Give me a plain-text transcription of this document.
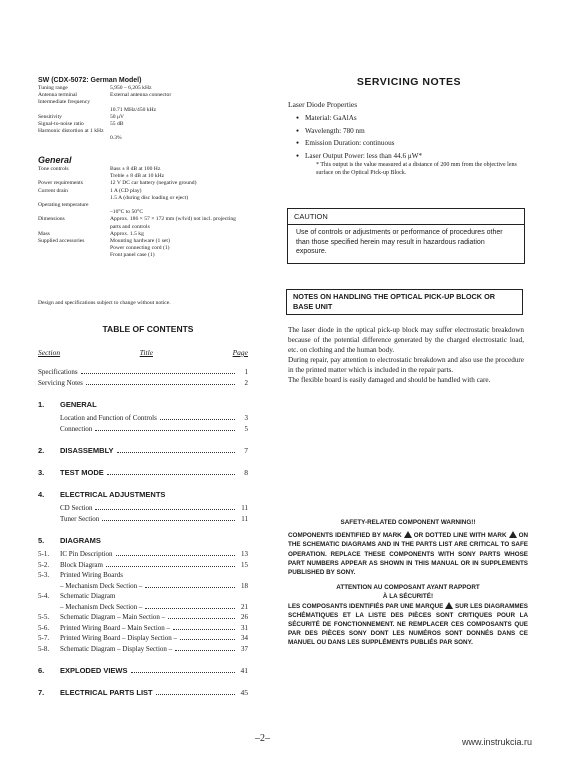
SW (CDX-5072: German Model)
Tuning range	5,950 – 6,205 kHz
Antenna terminal	External antenna connector
Intermediate frequency
10.71 MHz/450 kHz
Sensitivity	50 μV
Signal-to-noise ratio	55 dB
Harmonic distortion at 1 kHz
0.3%
General
Tone controls	Bass ± 8 dB at 100 Hz
Treble ± 8 dB at 10 kHz
Power requirements	12 V DC car battery (negative ground)
Current drain	1 A (CD play)
1.5 A (during disc loading or eject)
Operating temperature
–10°C to 50°C
Dimensions	Approx. 186 × 57 × 172 mm (w/h/d) not incl. projecting parts and controls
Mass	Approx. 1.5 kg
Supplied accessories	Mounting hardware (1 set)
Power connecting cord (1)
Front panel case (1)
Design and specifications subject to change without notice.
TABLE OF CONTENTS
Section	Title	Page
Specifications	1
Servicing Notes	2
1.	GENERAL
Location and Function of Controls	3
Connection	5
2.	DISASSEMBLY	7
3.	TEST MODE	8
4.	ELECTRICAL ADJUSTMENTS
CD Section	11
Tuner Section	11
5.	DIAGRAMS
5-1.	IC Pin Description	13
5-2.	Block Diagram	15
5-3.	Printed Wiring Boards
– Mechanism Deck Section –	18
5-4.	Schematic Diagram
– Mechanism Deck Section –	21
5-5.	Schematic Diagram – Main Section –	26
5-6.	Printed Wiring Board – Main Section –	31
5-7.	Printed Wiring Board – Display Section –	34
5-8.	Schematic Diagram – Display Section –	37
6.	EXPLODED VIEWS	41
7.	ELECTRICAL PARTS LIST	45
SERVICING NOTES
Laser Diode Properties
● Material: GaAlAs
● Wavelength: 780 nm
● Emission Duration: continuous
● Laser Output Power: less than 44.6 μW*
* This output is the value measured at a distance of 200 mm from the objective lens surface on the Optical Pick-up Block.
CAUTION
Use of controls or adjustments or performance of procedures other than those specified herein may result in hazardous radiation exposure.
NOTES ON HANDLING THE OPTICAL PICK-UP BLOCK OR BASE UNIT

The laser diode in the optical pick-up block may suffer electrostatic breakdown because of the potential difference generated by the charged electrostatic load, etc. on clothing and the human body.

During repair, pay attention to electrostatic breakdown and also use the procedure in the printed matter which is included in the repair parts.

The flexible board is easily damaged and should be handled with care.

SAFETY-RELATED COMPONENT WARNING!!

COMPONENTS IDENTIFIED BY MARK OR DOTTED LINE WITH MARK ON THE SCHEMATIC DIAGRAMS AND IN THE PARTS LIST ARE CRITICAL TO SAFE OPERATION. REPLACE THESE COMPONENTS WITH SONY PARTS WHOSE PART NUMBERS APPEAR AS SHOWN IN THIS MANUAL OR IN SUPPLEMENTS PUBLISHED BY SONY.

ATTENTION AU COMPOSANT AYANT RAPPORT

À LA SÉCURITÉ!

LES COMPOSANTS IDENTIFIÉS PAR UNE MARQUE SUR LES DIAGRAMMES SCHÉMATIQUES ET LA LISTE DES PIÈCES SONT CRITIQUES POUR LA SÉCURITÉ DE FONCTIONNEMENT. NE REMPLACER CES COMPOSANTS QUE PAR DES PIÈCES SONY DONT LES NUMÉROS SONT DONNÉS DANS CE MANUEL OU DANS LES SUPPLÉMENTS PUBLIÉS PAR SONY.

–2–	www.instrukcia.ru
